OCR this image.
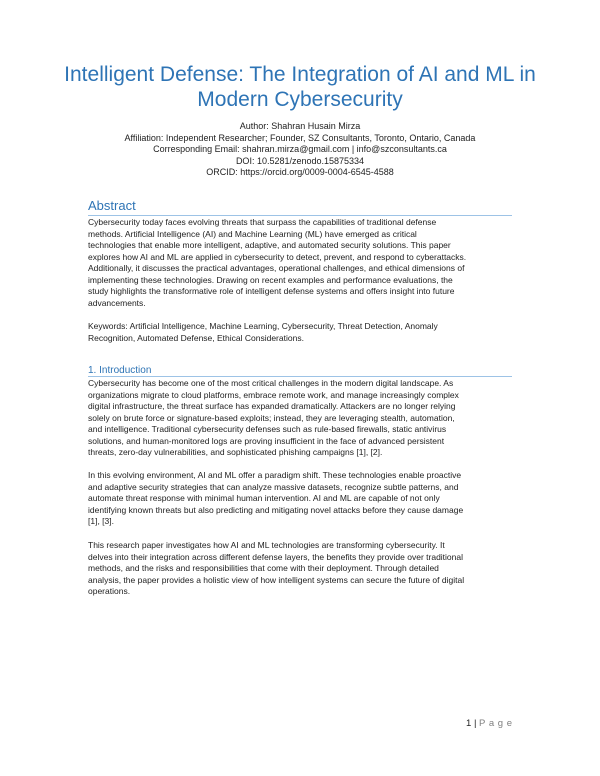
Intelligent Defense: The Integration of AI and ML in
Modern Cybersecurity
Author: Shahran Husain Mirza
Affiliation: Independent Researcher; Founder, SZ Consultants, Toronto, Ontario, Canada
Corresponding Email: shahran.mirza@gmail.com | info@szconsultants.ca
DOI: 10.5281/zenodo.15875334
ORCID: https://orcid.org/0009-0004-6545-4588
Abstract
Cybersecurity today faces evolving threats that surpass the capabilities of traditional defense
methods. Artificial Intelligence (AI) and Machine Learning (ML) have emerged as critical
technologies that enable more intelligent, adaptive, and automated security solutions. This paper
explores how AI and ML are applied in cybersecurity to detect, prevent, and respond to cyberattacks.
Additionally, it discusses the practical advantages, operational challenges, and ethical dimensions of
implementing these technologies. Drawing on recent examples and performance evaluations, the
study highlights the transformative role of intelligent defense systems and offers insight into future
advancements.
Keywords: Artificial Intelligence, Machine Learning, Cybersecurity, Threat Detection, Anomaly
Recognition, Automated Defense, Ethical Considerations.
1. Introduction
Cybersecurity has become one of the most critical challenges in the modern digital landscape. As
organizations migrate to cloud platforms, embrace remote work, and manage increasingly complex
digital infrastructure, the threat surface has expanded dramatically. Attackers are no longer relying
solely on brute force or signature-based exploits; instead, they are leveraging stealth, automation,
and intelligence. Traditional cybersecurity defenses such as rule-based firewalls, static antivirus
solutions, and human-monitored logs are proving insufficient in the face of advanced persistent
threats, zero-day vulnerabilities, and sophisticated phishing campaigns [1], [2].
In this evolving environment, AI and ML offer a paradigm shift. These technologies enable proactive
and adaptive security strategies that can analyze massive datasets, recognize subtle patterns, and
automate threat response with minimal human intervention. AI and ML are capable of not only
identifying known threats but also predicting and mitigating novel attacks before they cause damage
[1], [3].
This research paper investigates how AI and ML technologies are transforming cybersecurity. It
delves into their integration across different defense layers, the benefits they provide over traditional
methods, and the risks and responsibilities that come with their deployment. Through detailed
analysis, the paper provides a holistic view of how intelligent systems can secure the future of digital
operations.
1 | P a g e
